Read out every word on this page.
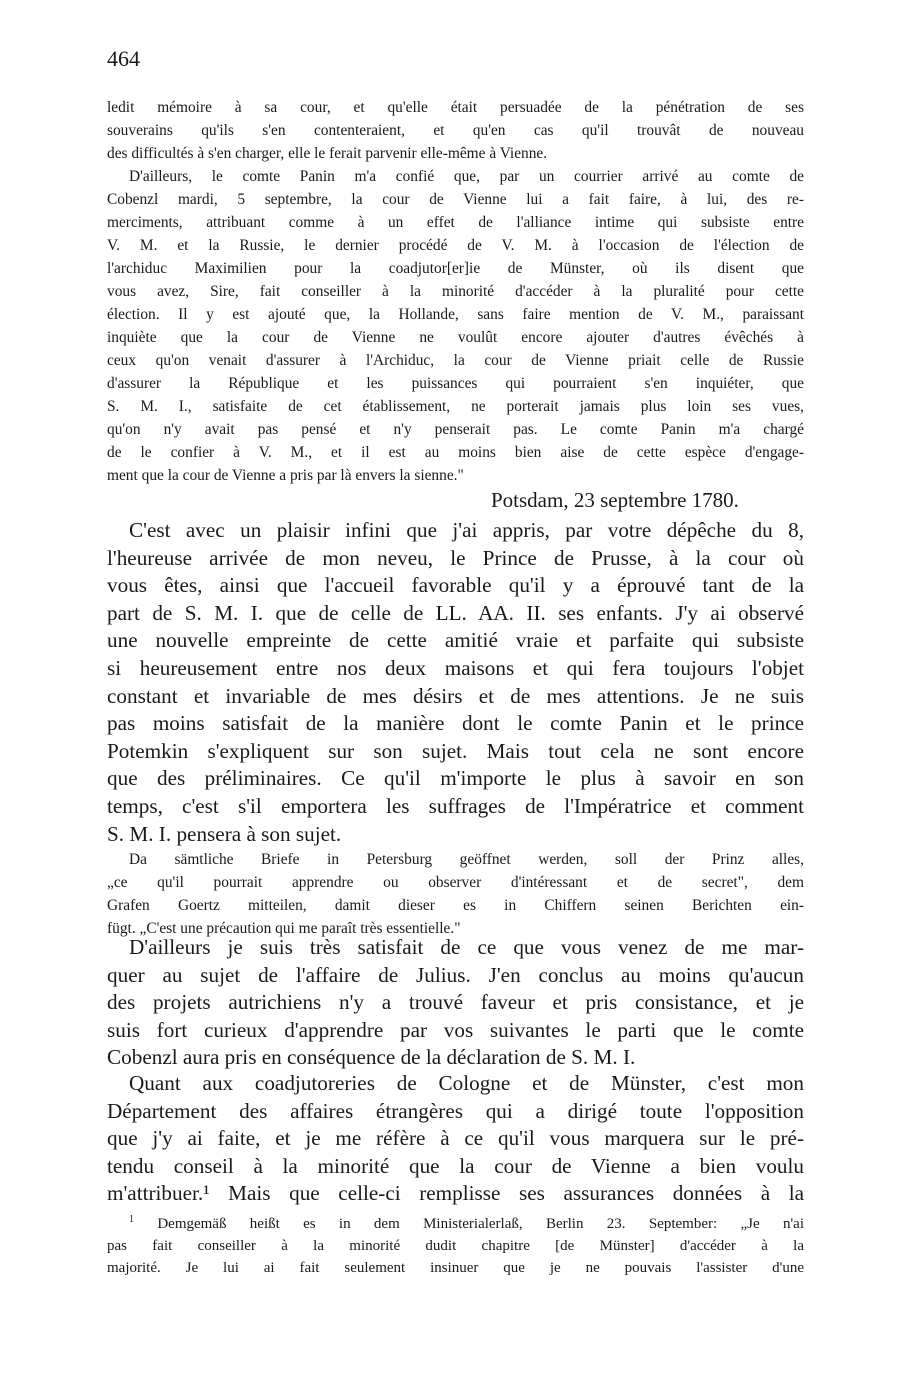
464
ledit mémoire à sa cour, et qu'elle était persuadée de la pénétration de ses
souverains qu'ils s'en contenteraient, et qu'en cas qu'il trouvât de nouveau
des difficultés à s'en charger, elle le ferait parvenir elle-même à Vienne.
D'ailleurs, le comte Panin m'a confié que, par un courrier arrivé au comte de
Cobenzl mardi, 5 septembre, la cour de Vienne lui a fait faire, à lui, des re-
merciments, attribuant comme à un effet de l'alliance intime qui subsiste entre
V. M. et la Russie, le dernier procédé de V. M. à l'occasion de l'élection de
l'archiduc Maximilien pour la coadjutor[er]ie de Münster, où ils disent que
vous avez, Sire, fait conseiller à la minorité d'accéder à la pluralité pour cette
élection. Il y est ajouté que, la Hollande, sans faire mention de V. M., paraissant
inquiète que la cour de Vienne ne voulût encore ajouter d'autres évêchés à
ceux qu'on venait d'assurer à l'Archiduc, la cour de Vienne priait celle de Russie
d'assurer la République et les puissances qui pourraient s'en inquiéter, que
S. M. I., satisfaite de cet établissement, ne porterait jamais plus loin ses vues,
qu'on n'y avait pas pensé et n'y penserait pas. Le comte Panin m'a chargé
de le confier à V. M., et il est au moins bien aise de cette espèce d'engage-
ment que la cour de Vienne a pris par là envers la sienne."
Potsdam, 23 septembre 1780.
C'est avec un plaisir infini que j'ai appris, par votre dépêche du 8,
l'heureuse arrivée de mon neveu, le Prince de Prusse, à la cour où
vous êtes, ainsi que l'accueil favorable qu'il y a éprouvé tant de la
part de S. M. I. que de celle de LL. AA. II. ses enfants. J'y ai observé
une nouvelle empreinte de cette amitié vraie et parfaite qui subsiste
si heureusement entre nos deux maisons et qui fera toujours l'objet
constant et invariable de mes désirs et de mes attentions. Je ne suis
pas moins satisfait de la manière dont le comte Panin et le prince
Potemkin s'expliquent sur son sujet. Mais tout cela ne sont encore
que des préliminaires. Ce qu'il m'importe le plus à savoir en son
temps, c'est s'il emportera les suffrages de l'Impératrice et comment
S. M. I. pensera à son sujet.
Da sämtliche Briefe in Petersburg geöffnet werden, soll der Prinz alles,
„ce qu'il pourrait apprendre ou observer d'intéressant et de secret", dem
Grafen Goertz mitteilen, damit dieser es in Chiffern seinen Berichten ein-
fügt. „C'est une précaution qui me paraît très essentielle."
D'ailleurs je suis très satisfait de ce que vous venez de me mar-
quer au sujet de l'affaire de Julius. J'en conclus au moins qu'aucun
des projets autrichiens n'y a trouvé faveur et pris consistance, et je
suis fort curieux d'apprendre par vos suivantes le parti que le comte
Cobenzl aura pris en conséquence de la déclaration de S. M. I.
Quant aux coadjutoreries de Cologne et de Münster, c'est mon
Département des affaires étrangères qui a dirigé toute l'opposition
que j'y ai faite, et je me réfère à ce qu'il vous marquera sur le pré-
tendu conseil à la minorité que la cour de Vienne a bien voulu
m'attribuer.¹ Mais que celle-ci remplisse ses assurances données à la
$^1$ Demgemäß heißt es in dem Ministerialerlaß, Berlin 23. September: „Je n'ai
pas fait conseiller à la minorité dudit chapitre [de Münster] d'accéder à la
majorité. Je lui ai fait seulement insinuer que je ne pouvais l'assister d'une
